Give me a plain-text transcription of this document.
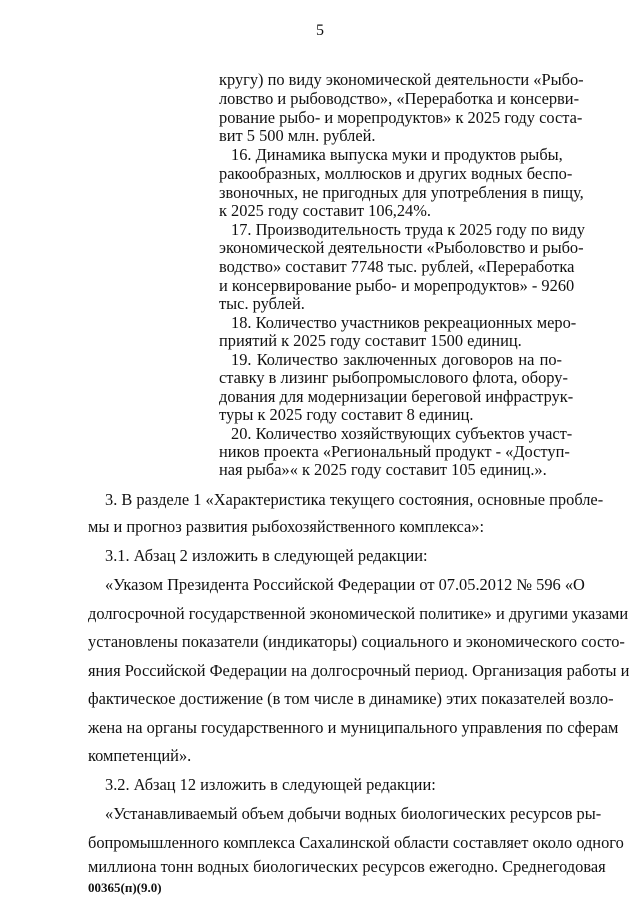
5
кругу) по виду экономической деятельности «Рыбо-
ловство и рыбоводство», «Переработка и консерви-
рование рыбо- и морепродуктов» к 2025 году соста-
вит 5 500 млн. рублей.
16. Динамика выпуска муки и продуктов рыбы,
ракообразных, моллюсков и других водных беспо-
звоночных, не пригодных для употребления в пищу,
к 2025 году составит 106,24%.
17. Производительность труда к 2025 году по виду
экономической деятельности «Рыболовство и рыбо-
водство» составит 7748 тыс. рублей, «Переработка
и консервирование рыбо- и морепродуктов» - 9260
тыс. рублей.
18. Количество участников рекреационных меро-
приятий к 2025 году составит 1500 единиц.
19. Количество заключенных договоров на по-
ставку в лизинг рыбопромыслового флота, обору-
дования для модернизации береговой инфраструк-
туры к 2025 году составит 8 единиц.
20. Количество хозяйствующих субъектов участ-
ников проекта «Региональный продукт - «Доступ-
ная рыба»« к 2025 году составит 105 единиц.».
3. В разделе 1 «Характеристика текущего состояния, основные пробле-
мы и прогноз развития рыбохозяйственного комплекса»:
3.1. Абзац 2 изложить в следующей редакции:
«Указом Президента Российской Федерации от 07.05.2012 № 596 «О
долгосрочной государственной экономической политике» и другими указами
установлены показатели (индикаторы) социального и экономического состо-
яния Российской Федерации на долгосрочный период. Организация работы и
фактическое достижение (в том числе в динамике) этих показателей возло-
жена на органы государственного и муниципального управления по сферам
компетенций».
3.2. Абзац 12 изложить в следующей редакции:
«Устанавливаемый объем добычи водных биологических ресурсов ры-
бопромышленного комплекса Сахалинской области составляет около одного
миллиона тонн водных биологических ресурсов ежегодно. Среднегодовая
00365(п)(9.0)
